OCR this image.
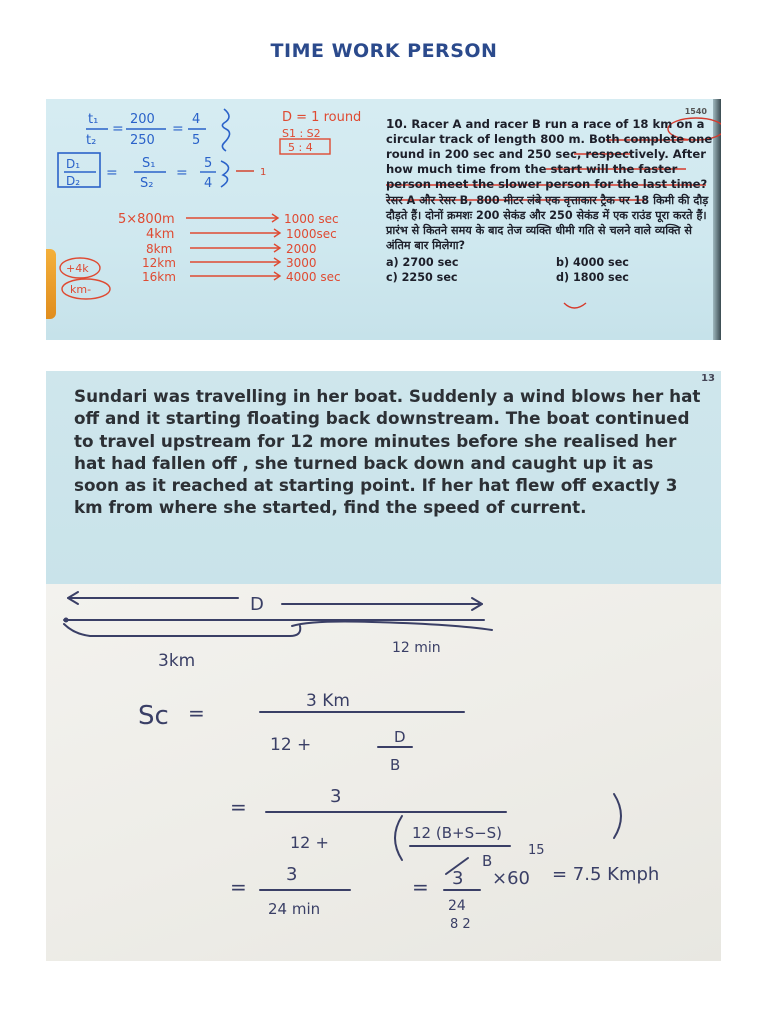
TIME WORK PERSON
1540
t₁
t₂
=
200
250
=
4
5
D₁
D₂ =
S₁
S₂
=
5
4
1
D = 1 round
S1 : S2
5 : 4
5×800m	1000 sec
4km	1000sec
8km	2000
12km	3000
16km	4000 sec
+4k
km-
10. Racer A and racer B run a race of 18 km on a circular track of length 800 m. Both complete one round in 200 sec and 250 sec, respectively. After how much time from the start will the faster person meet the slower person for the last time?
रेसर A और रेसर B, 800 मीटर लंबे एक वृत्ताकार ट्रैक पर 18 किमी की दौड़ दौड़ते हैं। दोनों क्रमशः 200 सेकंड और 250 सेकंड में एक राउंड पूरा करते हैं। प्रारंभ से कितने समय के बाद तेज व्यक्ति धीमी गति से चलने वाले व्यक्ति से अंतिम बार मिलेगा?
a) 2700 sec	b) 4000 sec
c) 2250 sec	d) 1800 sec
13
Sundari was travelling in her boat. Suddenly a wind blows her hat off and it starting floating back downstream. The boat continued to travel upstream for 12 more minutes before she realised her hat had fallen off , she turned back down and caught up it as soon as it reached at starting point. If her hat flew off exactly 3 km from where she started, find the speed of current.
D
3km
12 min
Sc =	3 Km
12 +	D
B
=	3
12 +	12 (B+S−S)
B
=
3
24 min
= 3
24
8 2
15
×60 = 7.5 Kmph
